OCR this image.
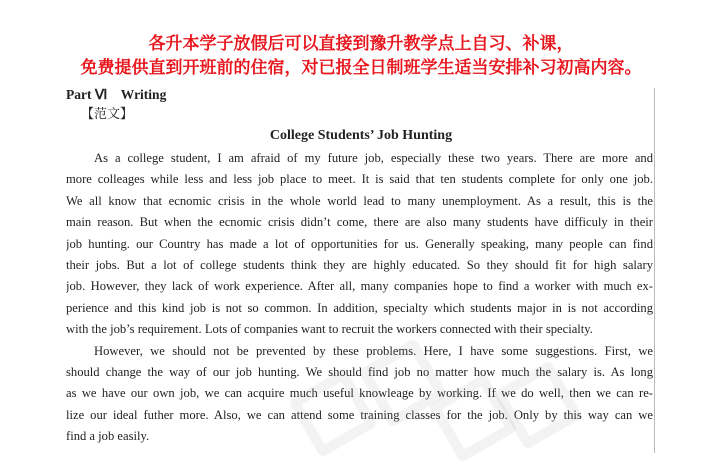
各升本学子放假后可以直接到豫升教学点上自习、补课，
免费提供直到开班前的住宿，对已报全日制班学生适当安排补习初高内容。
Part Ⅵ　Writing
【范文】
College Students’ Job Hunting
As a college student, I am afraid of my future job, especially these two years. There are more and
more colleages while less and less job place to meet. It is said that ten students complete for only one job.
We all know that ecnomic crisis in the whole world lead to many unemployment. As a result, this is the
main reason. But when the ecnomic crisis didn’t come, there are also many students have difficuly in their
job hunting. our Country has made a lot of opportunities for us. Generally speaking, many people can find
their jobs. But a lot of college students think they are highly educated. So they should fit for high salary
job. However, they lack of work experience. After all, many companies hope to find a worker with much ex-
perience and this kind job is not so common. In addition, specialty which students major in is not according
with the job’s requirement. Lots of companies want to recruit the workers connected with their specialty.
However, we should not be prevented by these problems. Here, I have some suggestions. First, we
should change the way of our job hunting. We should find job no matter how much the salary is. As long
as we have our own job, we can acquire much useful knowleage by working. If we do well, then we can re-
lize our ideal futher more. Also, we can attend some training classes for the job. Only by this way can we
find a job easily.
